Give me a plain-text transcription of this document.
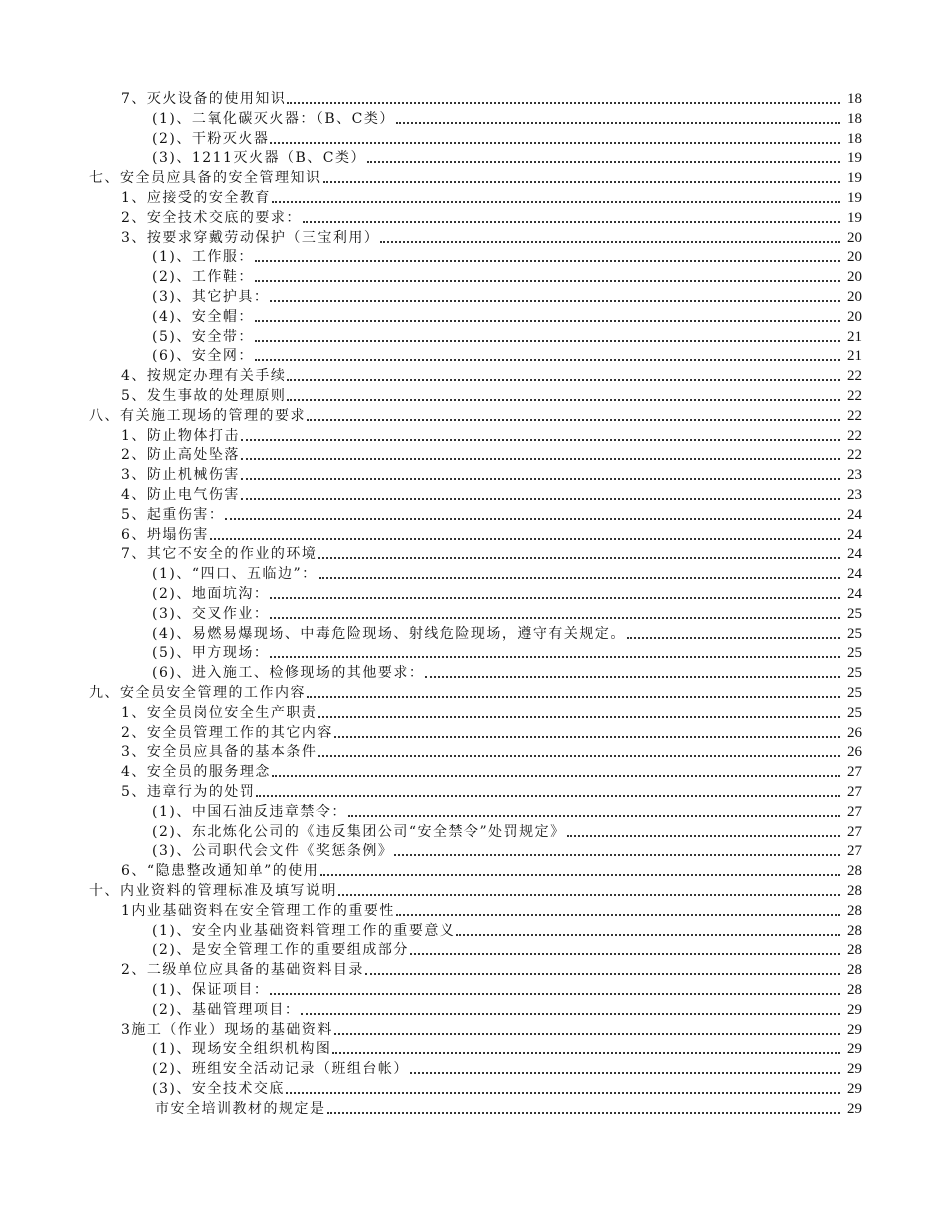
7、灭火设备的使用知识	18
(1)、二氧化碳灭火器：（B、C类）	18
(2)、干粉灭火器	18
(3)、1211灭火器（B、C类）	19
七、安全员应具备的安全管理知识	19
1、应接受的安全教育	19
2、安全技术交底的要求：	19
3、按要求穿戴劳动保护（三宝利用）	20
(1)、工作服：	20
(2)、工作鞋：	20
(3)、其它护具：	20
(4)、安全帽：	20
(5)、安全带：	21
(6)、安全网：	21
4、按规定办理有关手续	22
5、发生事故的处理原则	22
八、有关施工现场的管理的要求	22
1、防止物体打击	22
2、防止高处坠落	22
3、防止机械伤害	23
4、防止电气伤害	23
5、起重伤害：	24
6、坍塌伤害	24
7、其它不安全的作业的环境	24
(1)、“四口、五临边”：	24
(2)、地面坑沟：	24
(3)、交叉作业：	25
(4)、易燃易爆现场、中毒危险现场、射线危险现场，遵守有关规定。	25
(5)、甲方现场：	25
(6)、进入施工、检修现场的其他要求：	25
九、安全员安全管理的工作内容	25
1、安全员岗位安全生产职责	25
2、安全员管理工作的其它内容	26
3、安全员应具备的基本条件	26
4、安全员的服务理念	27
5、违章行为的处罚	27
(1)、中国石油反违章禁令：	27
(2)、东北炼化公司的《违反集团公司“安全禁令”处罚规定》	27
(3)、公司职代会文件《奖惩条例》	27
6、“隐患整改通知单”的使用	28
十、内业资料的管理标准及填写说明	28
1内业基础资料在安全管理工作的重要性	28
(1)、安全内业基础资料管理工作的重要意义	28
(2)、是安全管理工作的重要组成部分	28
2、二级单位应具备的基础资料目录	28
(1)、保证项目：	28
(2)、基础管理项目：	29
3施工（作业）现场的基础资料	29
(1)、现场安全组织机构图	29
(2)、班组安全活动记录（班组台帐）	29
(3)、安全技术交底	29
市安全培训教材的规定是	29
